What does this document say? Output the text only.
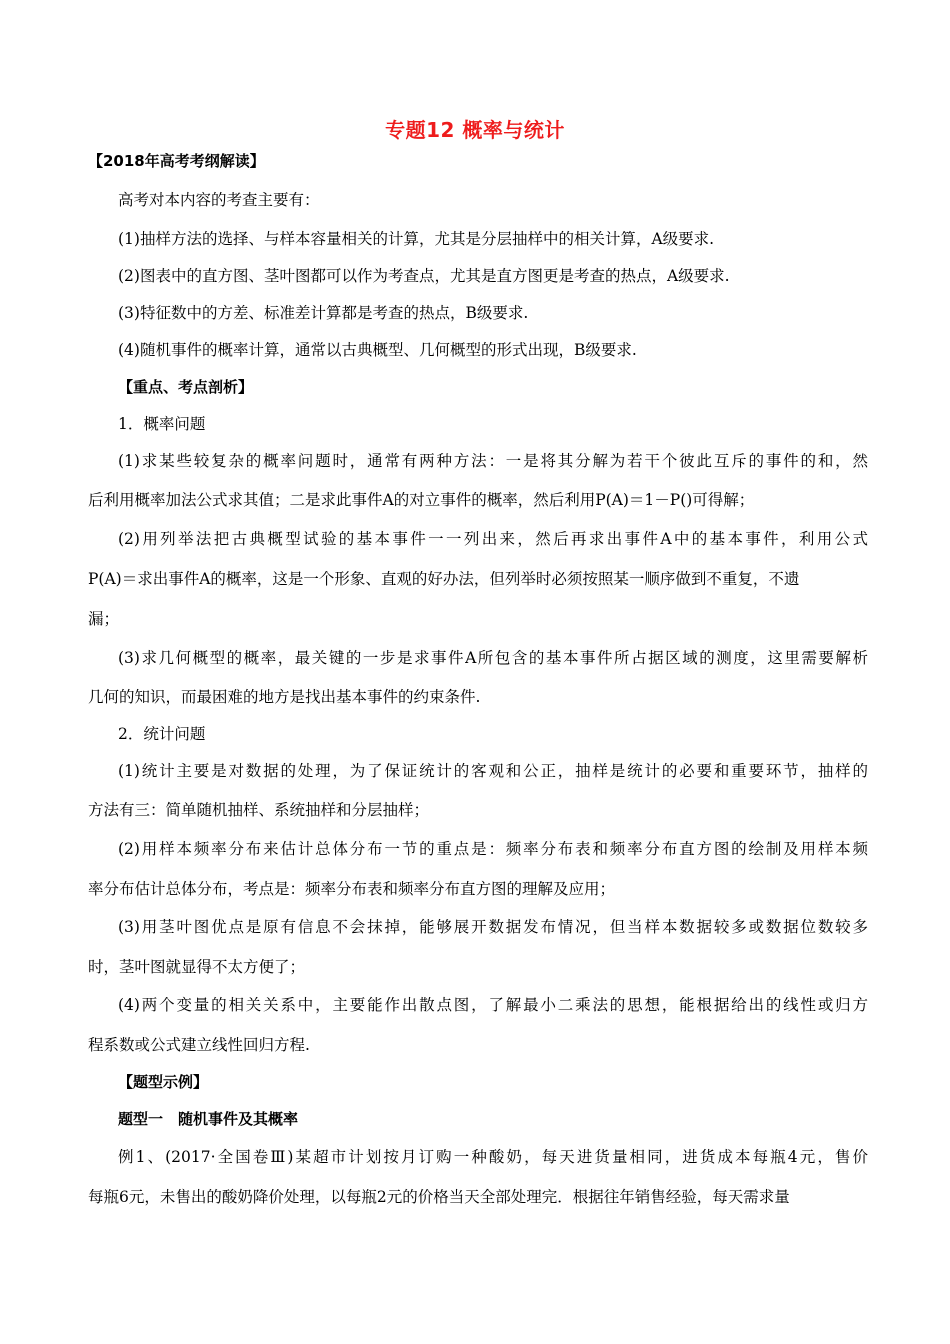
专题12 概率与统计
【2018年高考考纲解读】
高考对本内容的考查主要有：
(1)抽样方法的选择、与样本容量相关的计算，尤其是分层抽样中的相关计算，A级要求.
(2)图表中的直方图、茎叶图都可以作为考查点，尤其是直方图更是考查的热点，A级要求.
(3)特征数中的方差、标准差计算都是考查的热点，B级要求.
(4)随机事件的概率计算，通常以古典概型、几何概型的形式出现，B级要求.
【重点、考点剖析】
1．概率问题
(1)求某些较复杂的概率问题时，通常有两种方法：一是将其分解为若干个彼此互斥的事件的和，然
后利用概率加法公式求其值；二是求此事件A的对立事件的概率，然后利用P(A)＝1－P()可得解；
(2)用列举法把古典概型试验的基本事件一一列出来，然后再求出事件A中的基本事件，利用公式
P(A)＝求出事件A的概率，这是一个形象、直观的好办法，但列举时必须按照某一顺序做到不重复，不遗
漏；
(3)求几何概型的概率，最关键的一步是求事件A所包含的基本事件所占据区域的测度，这里需要解析
几何的知识，而最困难的地方是找出基本事件的约束条件.
2．统计问题
(1)统计主要是对数据的处理，为了保证统计的客观和公正，抽样是统计的必要和重要环节，抽样的
方法有三：简单随机抽样、系统抽样和分层抽样；
(2)用样本频率分布来估计总体分布一节的重点是：频率分布表和频率分布直方图的绘制及用样本频
率分布估计总体分布，考点是：频率分布表和频率分布直方图的理解及应用；
(3)用茎叶图优点是原有信息不会抹掉，能够展开数据发布情况，但当样本数据较多或数据位数较多
时，茎叶图就显得不太方便了；
(4)两个变量的相关关系中，主要能作出散点图，了解最小二乘法的思想，能根据给出的线性或归方
程系数或公式建立线性回归方程.
【题型示例】
题型一　随机事件及其概率
例1、(2017·全国卷Ⅲ)某超市计划按月订购一种酸奶，每天进货量相同，进货成本每瓶4元，售价
每瓶6元，未售出的酸奶降价处理，以每瓶2元的价格当天全部处理完．根据往年销售经验，每天需求量
